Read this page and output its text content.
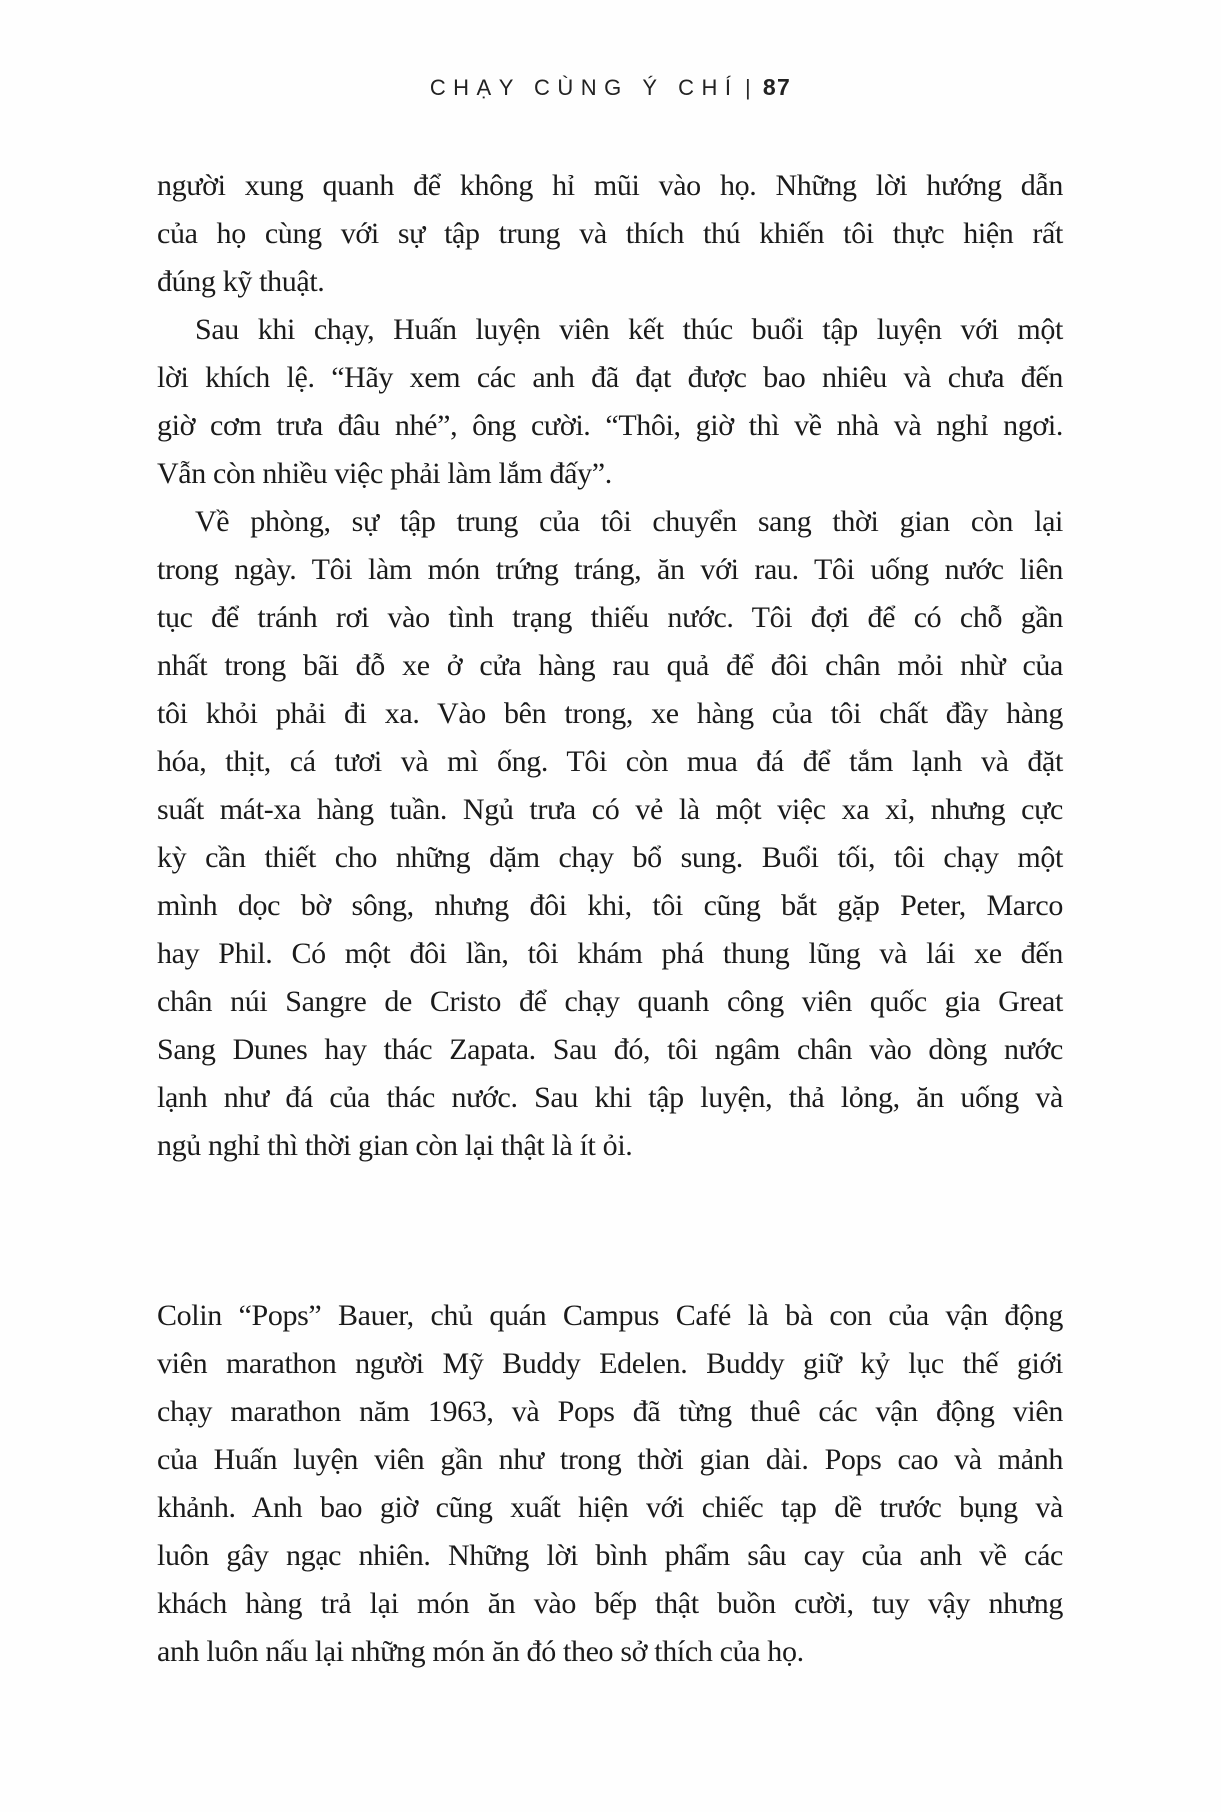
CHẠY CÙNG Ý CHÍ | 87
người xung quanh để không hỉ mũi vào họ. Những lời hướng dẫn
của họ cùng với sự tập trung và thích thú khiến tôi thực hiện rất
đúng kỹ thuật.
Sau khi chạy, Huấn luyện viên kết thúc buổi tập luyện với một
lời khích lệ. “Hãy xem các anh đã đạt được bao nhiêu và chưa đến
giờ cơm trưa đâu nhé”, ông cười. “Thôi, giờ thì về nhà và nghỉ ngơi.
Vẫn còn nhiều việc phải làm lắm đấy”.
Về phòng, sự tập trung của tôi chuyển sang thời gian còn lại
trong ngày. Tôi làm món trứng tráng, ăn với rau. Tôi uống nước liên
tục để tránh rơi vào tình trạng thiếu nước. Tôi đợi để có chỗ gần
nhất trong bãi đỗ xe ở cửa hàng rau quả để đôi chân mỏi nhừ của
tôi khỏi phải đi xa. Vào bên trong, xe hàng của tôi chất đầy hàng
hóa, thịt, cá tươi và mì ống. Tôi còn mua đá để tắm lạnh và đặt
suất mát-xa hàng tuần. Ngủ trưa có vẻ là một việc xa xỉ, nhưng cực
kỳ cần thiết cho những dặm chạy bổ sung. Buổi tối, tôi chạy một
mình dọc bờ sông, nhưng đôi khi, tôi cũng bắt gặp Peter, Marco
hay Phil. Có một đôi lần, tôi khám phá thung lũng và lái xe đến
chân núi Sangre de Cristo để chạy quanh công viên quốc gia Great
Sang Dunes hay thác Zapata. Sau đó, tôi ngâm chân vào dòng nước
lạnh như đá của thác nước. Sau khi tập luyện, thả lỏng, ăn uống và
ngủ nghỉ thì thời gian còn lại thật là ít ỏi.
Colin “Pops” Bauer, chủ quán Campus Café là bà con của vận động
viên marathon người Mỹ Buddy Edelen. Buddy giữ kỷ lục thế giới
chạy marathon năm 1963, và Pops đã từng thuê các vận động viên
của Huấn luyện viên gần như trong thời gian dài. Pops cao và mảnh
khảnh. Anh bao giờ cũng xuất hiện với chiếc tạp dề trước bụng và
luôn gây ngạc nhiên. Những lời bình phẩm sâu cay của anh về các
khách hàng trả lại món ăn vào bếp thật buồn cười, tuy vậy nhưng
anh luôn nấu lại những món ăn đó theo sở thích của họ.
